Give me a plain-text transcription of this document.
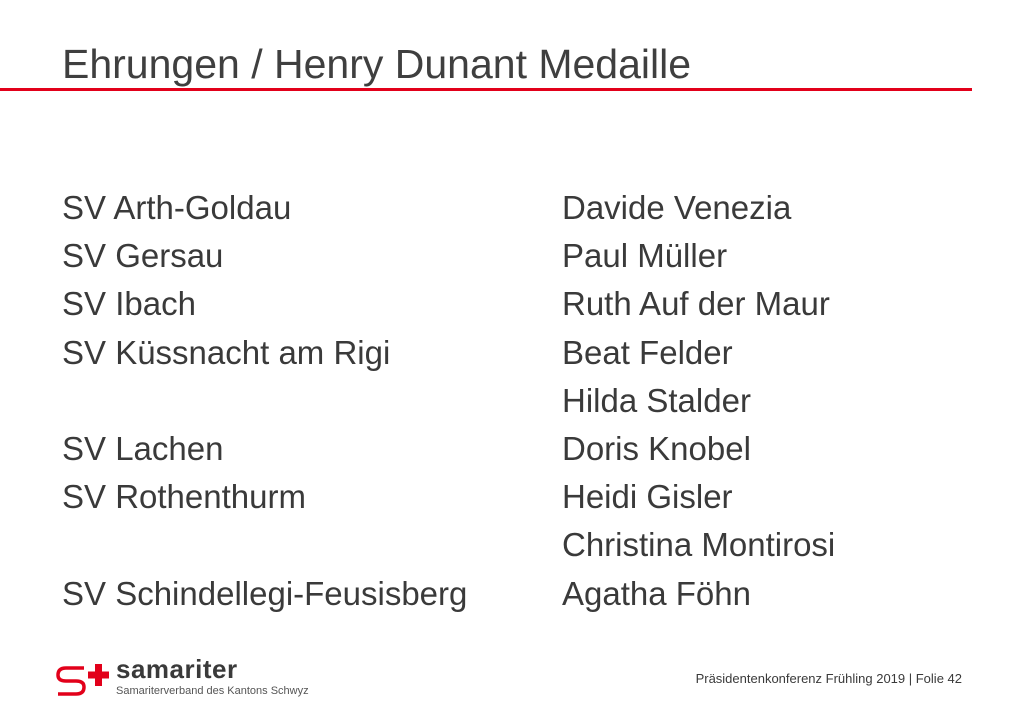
Ehrungen / Henry Dunant Medaille
SV Arth-Goldau
SV Gersau
SV Ibach
SV Küssnacht am Rigi
SV Lachen
SV Rothenthurm
SV Schindellegi-Feusisberg
Davide Venezia
Paul Müller
Ruth Auf der Maur
Beat Felder
Hilda Stalder
Doris Knobel
Heidi Gisler
Christina Montirosi
Agatha Föhn
samariter
Samariterverband des Kantons Schwyz
Präsidentenkonferenz Frühling 2019 | Folie 42
